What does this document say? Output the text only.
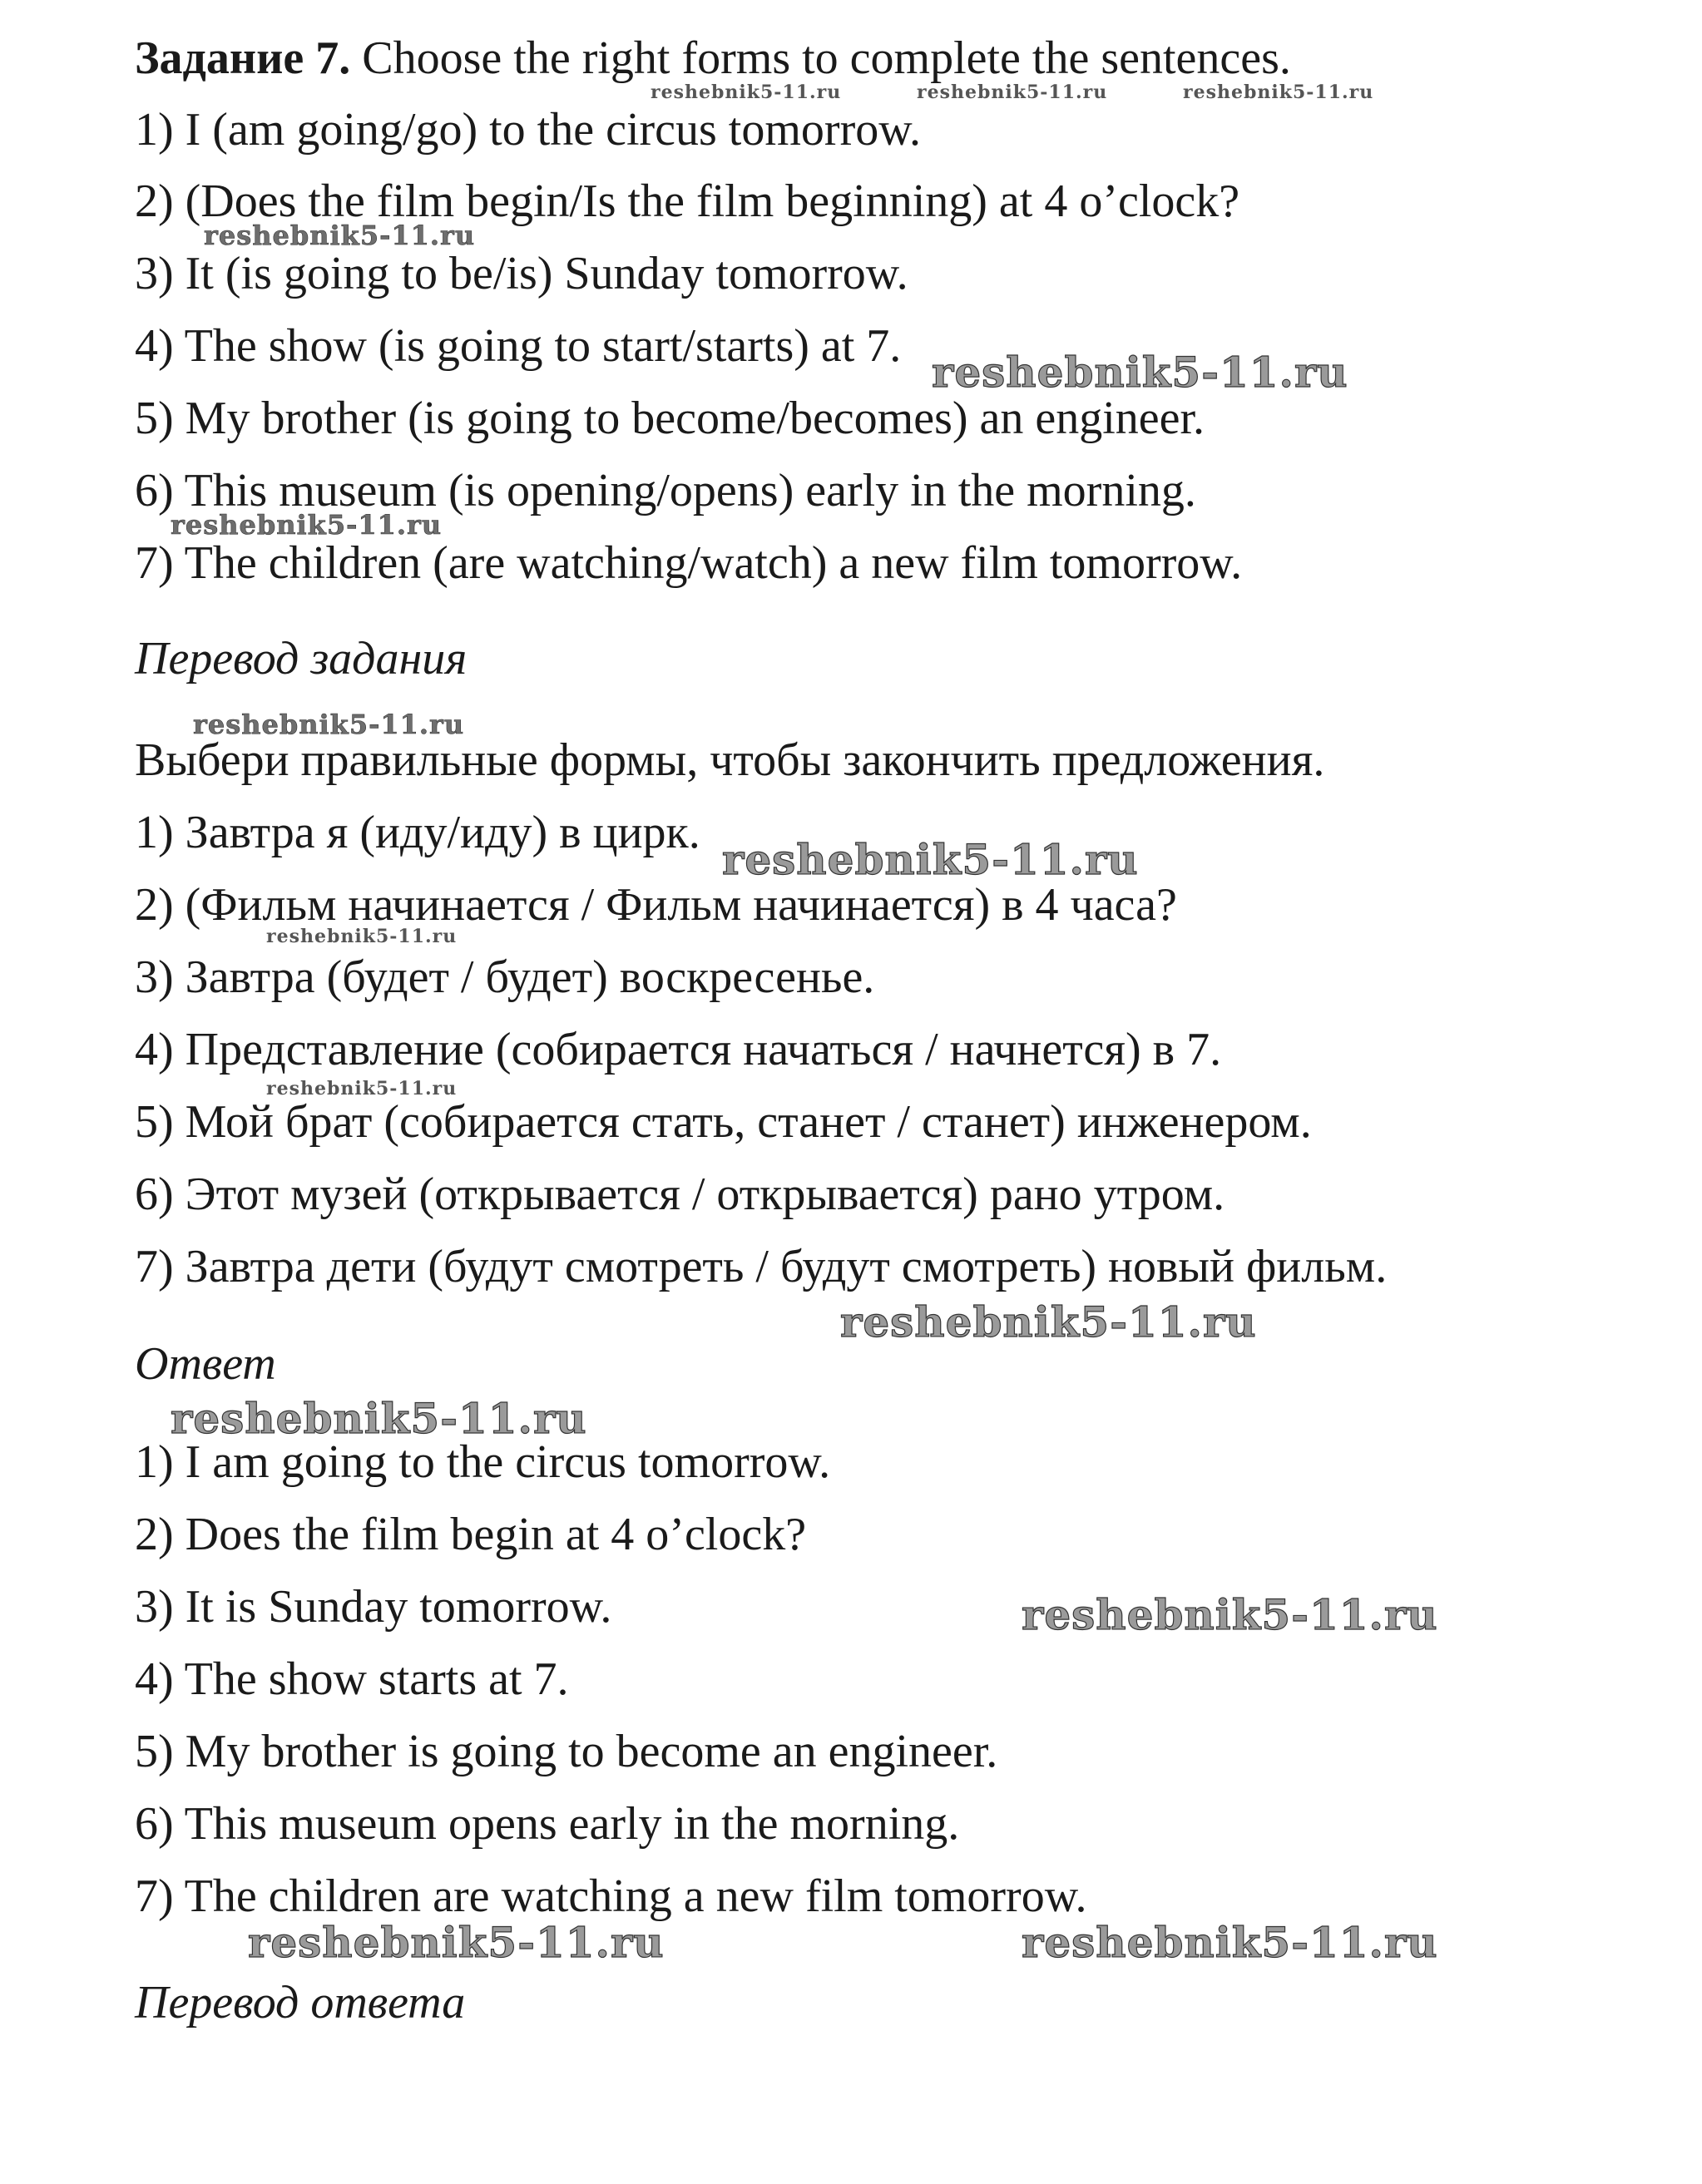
Задание 7. Choose the right forms to complete the sentences.
1) I (am going/go) to the circus tomorrow.
2) (Does the film begin/Is the film beginning) at 4 o’clock?
3) It (is going to be/is) Sunday tomorrow.
4) The show (is going to start/starts) at 7.
5) My brother (is going to become/becomes) an engineer.
6) This museum (is opening/opens) early in the morning.
7) The children (are watching/watch) a new film tomorrow.
Перевод задания
Выбери правильные формы, чтобы закончить предложения.
1) Завтра я (иду/иду) в цирк.
2) (Фильм начинается / Фильм начинается) в 4 часа?
3) Завтра (будет / будет) воскресенье.
4) Представление (собирается начаться / начнется) в 7.
5) Мой брат (собирается стать, станет / станет) инженером.
6) Этот музей (открывается / открывается) рано утром.
7) Завтра дети (будут смотреть / будут смотреть) новый фильм.
Ответ
1) I am going to the circus tomorrow.
2) Does the film begin at 4 o’clock?
3) It is Sunday tomorrow.
4) The show starts at 7.
5) My brother is going to become an engineer.
6) This museum opens early in the morning.
7) The children are watching a new film tomorrow.
Перевод ответа
reshebnik5-11.ru	reshebnik5-11.ru	reshebnik5-11.ru
reshebnik5-11.ru
reshebnik5-11.ru
reshebnik5-11.ru
reshebnik5-11.ru
reshebnik5-11.ru
reshebnik5-11.ru
reshebnik5-11.ru
reshebnik5-11.ru
reshebnik5-11.ru
reshebnik5-11.ru
reshebnik5-11.ru	reshebnik5-11.ru
